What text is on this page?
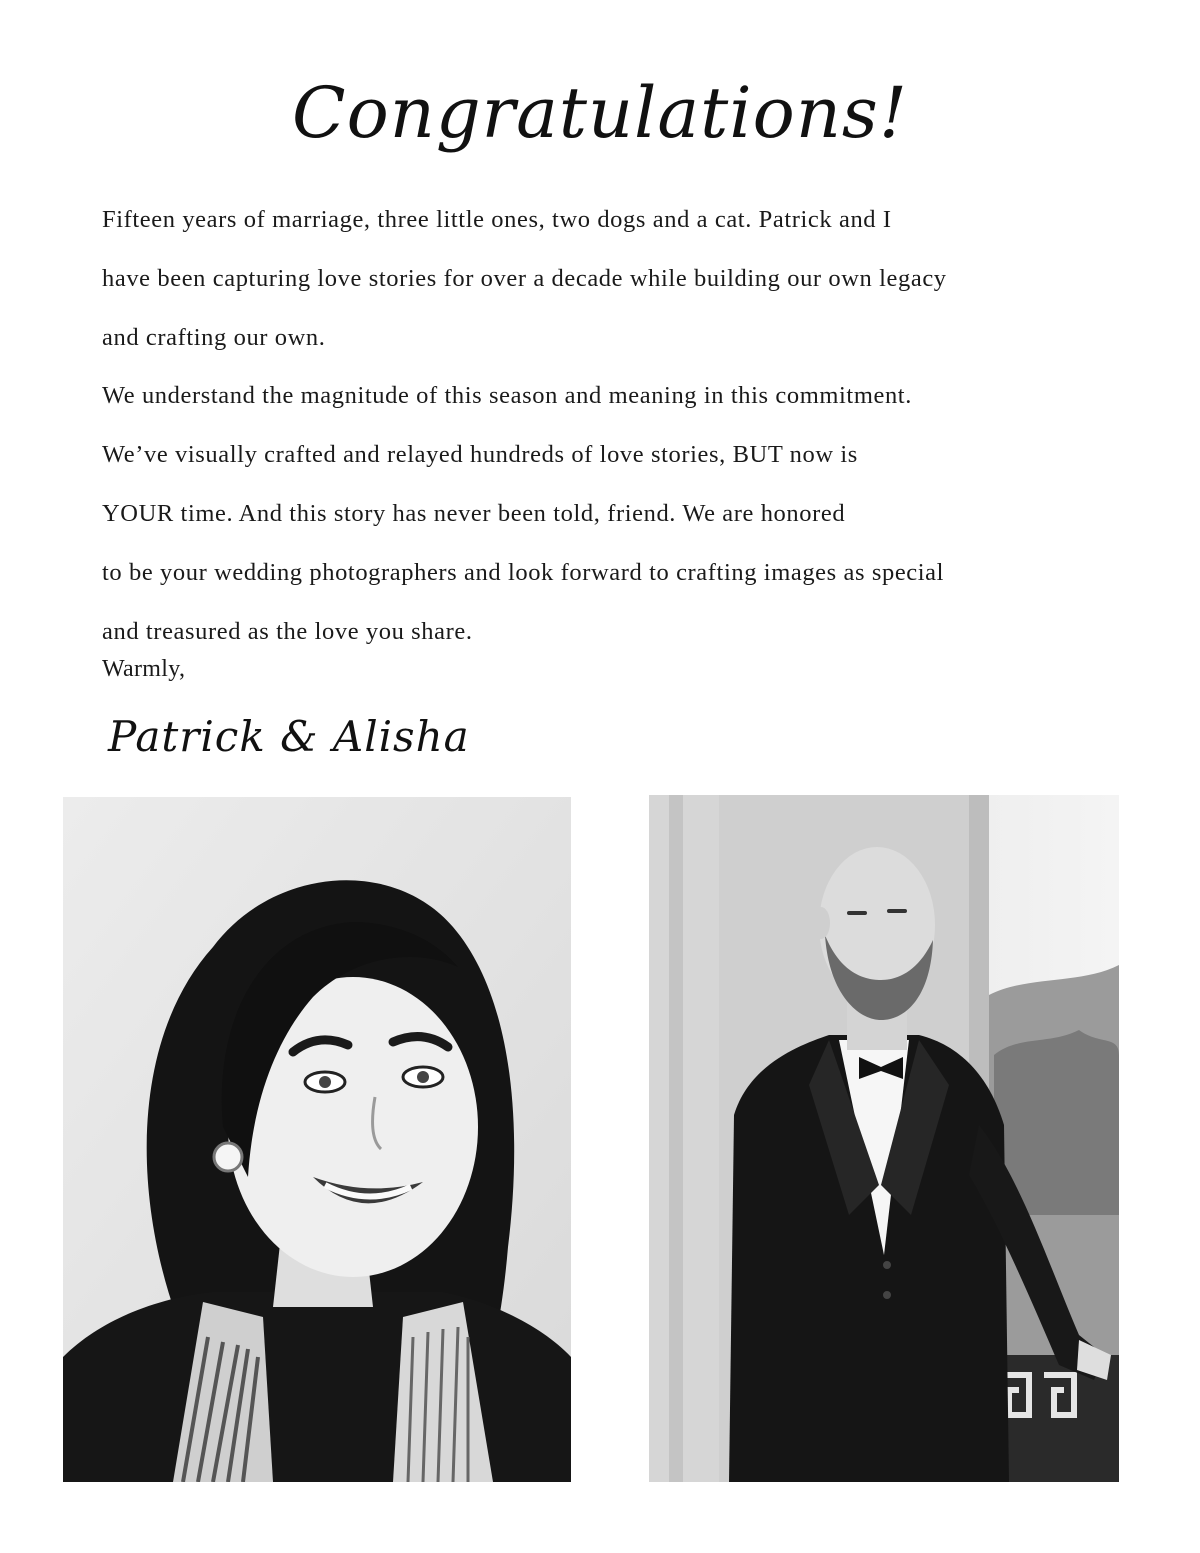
Congratulations!
Fifteen years of marriage, three little ones, two dogs and a cat. Patrick and I
have been capturing love stories for over a decade while building our own legacy
and crafting our own.
We understand the magnitude of this season and meaning in this commitment.
We’ve visually crafted and relayed hundreds of love stories, BUT now is
YOUR time. And this story has never been told, friend. We are honored
to be your wedding photographers and look forward to crafting images as special
and treasured as the love you share.
Warmly,
Patrick & Alisha
